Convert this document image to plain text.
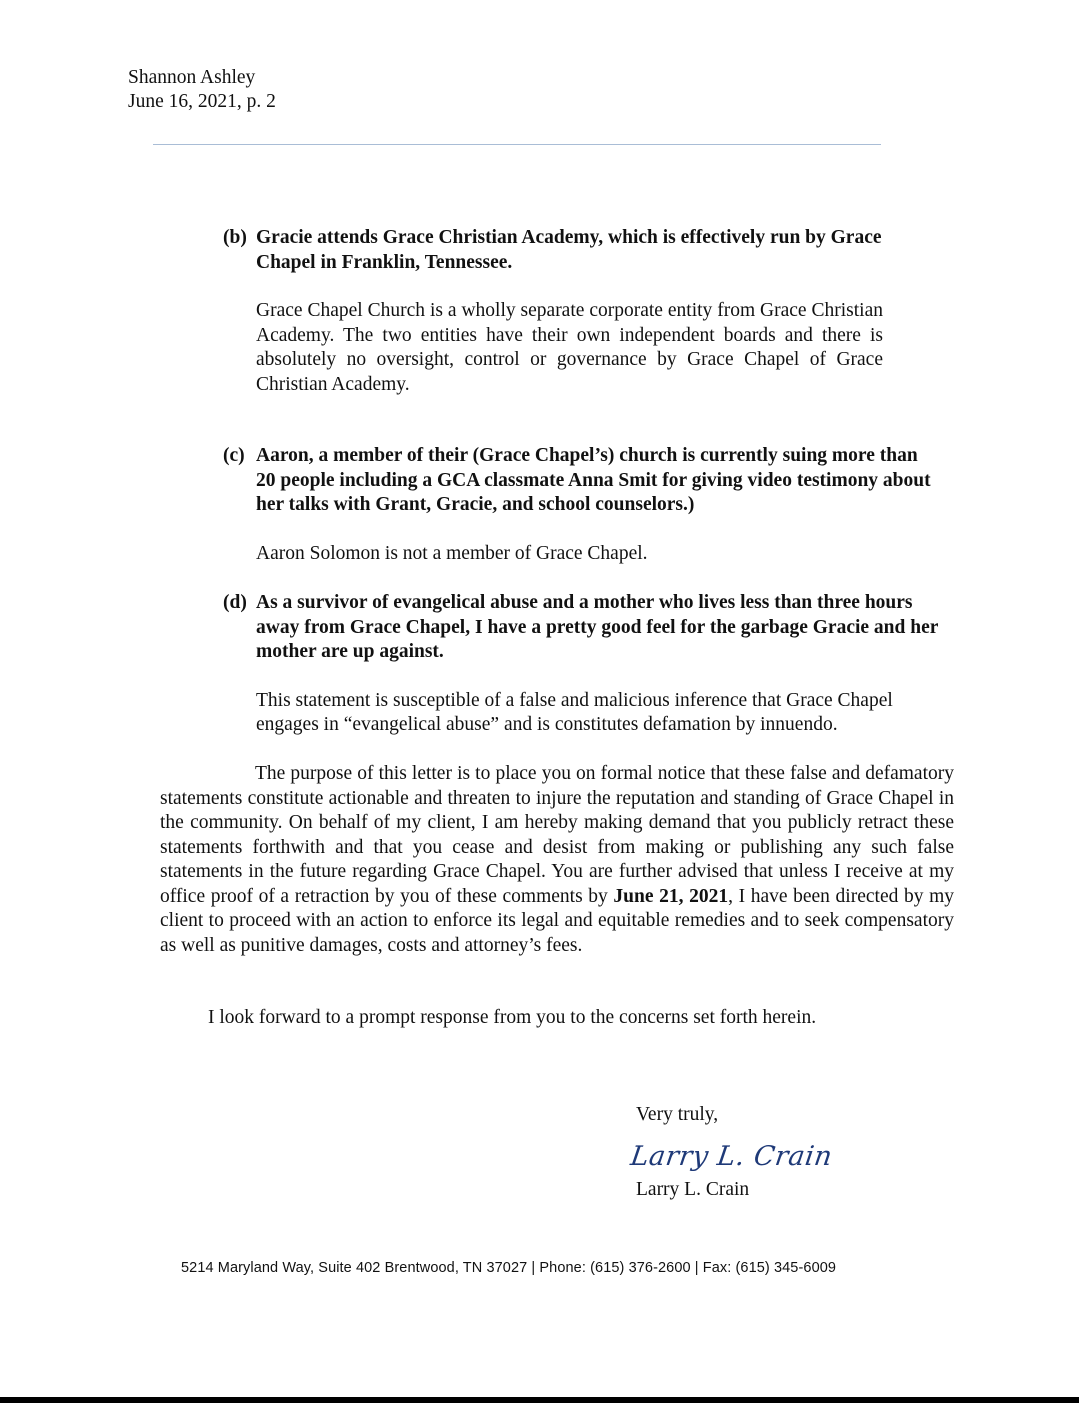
Shannon Ashley
June 16, 2021, p. 2
(b) Gracie attends Grace Christian Academy, which is effectively run by Grace Chapel in Franklin, Tennessee.
Grace Chapel Church is a wholly separate corporate entity from Grace Christian Academy. The two entities have their own independent boards and there is absolutely no oversight, control or governance by Grace Chapel of Grace Christian Academy.
(c) Aaron, a member of their (Grace Chapel’s) church is currently suing more than 20 people including a GCA classmate Anna Smit for giving video testimony about her talks with Grant, Gracie, and school counselors.)
Aaron Solomon is not a member of Grace Chapel.
(d) As a survivor of evangelical abuse and a mother who lives less than three hours away from Grace Chapel, I have a pretty good feel for the garbage Gracie and her mother are up against.
This statement is susceptible of a false and malicious inference that Grace Chapel engages in “evangelical abuse” and is constitutes defamation by innuendo.
The purpose of this letter is to place you on formal notice that these false and defamatory statements constitute actionable and threaten to injure the reputation and standing of Grace Chapel in the community. On behalf of my client, I am hereby making demand that you publicly retract these statements forthwith and that you cease and desist from making or publishing any such false statements in the future regarding Grace Chapel. You are further advised that unless I receive at my office proof of a retraction by you of these comments by June 21, 2021, I have been directed by my client to proceed with an action to enforce its legal and equitable remedies and to seek compensatory as well as punitive damages, costs and attorney’s fees.
I look forward to a prompt response from you to the concerns set forth herein.
Very truly,
Larry L. Crain
Larry L. Crain
5214 Maryland Way, Suite 402 Brentwood, TN 37027 | Phone: (615) 376-2600 | Fax: (615) 345-6009
